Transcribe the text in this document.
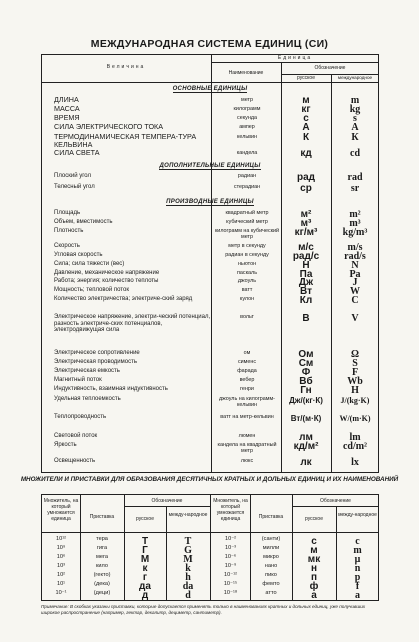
МЕЖДУНАРОДНАЯ СИСТЕМА ЕДИНИЦ (СИ)
Величина
Единица
Наименование
Обозначение
русское	международное
ОСНОВНЫЕ ЕДИНИЦЫ
ДОПОЛНИТЕЛЬНЫЕ ЕДИНИЦЫ
ПРОИЗВОДНЫЕ ЕДИНИЦЫ
ДЛИНА	метр	м	m
МАССА	килограмм	кг	kg
ВРЕМЯ	секунда	с	s
СИЛА ЭЛЕКТРИЧЕСКОГО ТОКА	ампер	А	А
ТЕРМОДИНАМИЧЕСКАЯ ТЕМПЕРА-ТУРА КЕЛЬВИНА
кельвин	К	К
СИЛА СВЕТА	кандела	кд	cd
Плоский угол	радиан	рад	rad
Телесный угол	стерадиан	ср	sr
Площадь	квадратный метр	м²	m²
Объем, вместимость	кубический метр	м³	m³
Плотность	килограмм на кубический метр	кг/м³	kg/m³
Скорость	метр в секунду	м/с	m/s
Угловая скорость	радиан в секунду	рад/с	rad/s
Сила; сила тяжести (вес)	ньютон	Н	N
Давление, механическое напряжение	паскаль	Па	Pa
Работа; энергия; количество теплоты	джоуль	Дж	J
Мощность; тепловой поток	ватт	Вт	W
Количество электричества; электриче-ский заряд	кулон	Кл	C
Электрическое напряжение, электри-ческий потенциал, разность электриче-ских потенциалов, электродвижущая сила
вольт	В	V
Электрическое сопротивление	ом	Ом	Ω
Электрическая проводимость	сименс	См	S
Электрическая емкость	фарада	Ф	F
Магнитный поток	вебер	Вб	Wb
Индуктивность, взаимная индуктивность	генри	Гн	H
Удельная теплоемкость	джоуль на килограмм-кельвин	Дж/(кг·К)	J/(kg·K)
Теплопроводность	ватт на метр-кельвин	Вт/(м·К)	W/(m·K)
Световой поток	люмен	лм	lm
Яркость	кандела на квадратный метр	кд/м²	cd/m²
Освещенность	люкс	лк	lx
МНОЖИТЕЛИ И ПРИСТАВКИ ДЛЯ ОБРАЗОВАНИЯ ДЕСЯТИЧНЫХ КРАТНЫХ И ДОЛЬНЫХ ЕДИНИЦ И ИХ НАИМЕНОВАНИЙ
Множитель, на который умножается единица	Приставка
Обозначение
русское
между-народное
Множитель, на который умножается единица	Приставка
Обозначение
русское
между-народное
10¹²	тера	Т	T
10⁹	гига	Г	G
10⁶	мега	М	M
10³	кило	к	k
10²	(гекто)	г	h
10¹	(дека)	да	da
10⁻¹	(деци)	д	d
10⁻²	(санти)	с	c
10⁻³	милли	м	m
10⁻⁶	микро	мк	μ
10⁻⁹	нано	н	n
10⁻¹²	пико	п	p
10⁻¹⁵	фемто	ф	f
10⁻¹⁸	атто	а	a
Примечание: В скобках указаны приставки, которые допускается применять только в наименованиях кратных и дольных единиц, уже получивших широкое распространение (например, гектар, декалитр, дециметр, сантиметр).
